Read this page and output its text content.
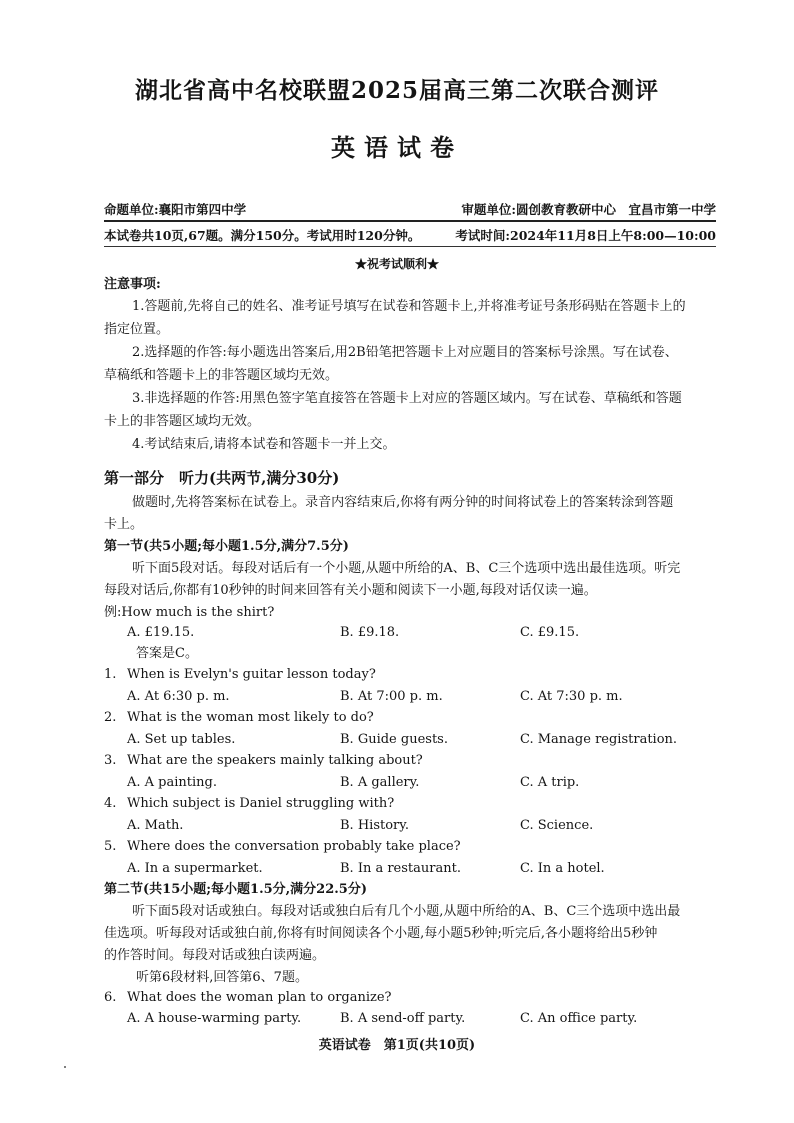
湖北省高中名校联盟2025届高三第二次联合测评
英语试卷
命题单位:襄阳市第四中学	审题单位:圆创教育教研中心　宜昌市第一中学
本试卷共10页,67题。满分150分。考试用时120分钟。	考试时间:2024年11月8日上午8:00—10:00
★祝考试顺利★
注意事项:
1.答题前,先将自己的姓名、准考证号填写在试卷和答题卡上,并将准考证号条形码贴在答题卡上的
指定位置。
2.选择题的作答:每小题选出答案后,用2B铅笔把答题卡上对应题目的答案标号涂黑。写在试卷、
草稿纸和答题卡上的非答题区域均无效。
3.非选择题的作答:用黑色签字笔直接答在答题卡上对应的答题区域内。写在试卷、草稿纸和答题
卡上的非答题区域均无效。
4.考试结束后,请将本试卷和答题卡一并上交。
第一部分　听力(共两节,满分30分)
做题时,先将答案标在试卷上。录音内容结束后,你将有两分钟的时间将试卷上的答案转涂到答题
卡上。
第一节(共5小题;每小题1.5分,满分7.5分)
听下面5段对话。每段对话后有一个小题,从题中所给的A、B、C三个选项中选出最佳选项。听完
每段对话后,你都有10秒钟的时间来回答有关小题和阅读下一小题,每段对话仅读一遍。
例:How much is the shirt?
A. £19.15.	B. £9.18.	C. £9.15.
答案是C。
1. When is Evelyn's guitar lesson today?
A. At 6:30 p. m.	B. At 7:00 p. m.	C. At 7:30 p. m.
2. What is the woman most likely to do?
A. Set up tables.	B. Guide guests.	C. Manage registration.
3. What are the speakers mainly talking about?
A. A painting.	B. A gallery.	C. A trip.
4. Which subject is Daniel struggling with?
A. Math.	B. History.	C. Science.
5. Where does the conversation probably take place?
A. In a supermarket.	B. In a restaurant.	C. In a hotel.
第二节(共15小题;每小题1.5分,满分22.5分)
听下面5段对话或独白。每段对话或独白后有几个小题,从题中所给的A、B、C三个选项中选出最
佳选项。听每段对话或独白前,你将有时间阅读各个小题,每小题5秒钟;听完后,各小题将给出5秒钟
的作答时间。每段对话或独白读两遍。
听第6段材料,回答第6、7题。
6. What does the woman plan to organize?
A. A house-warming party.	B. A send-off party.	C. An office party.
英语试卷　第1页(共10页)
